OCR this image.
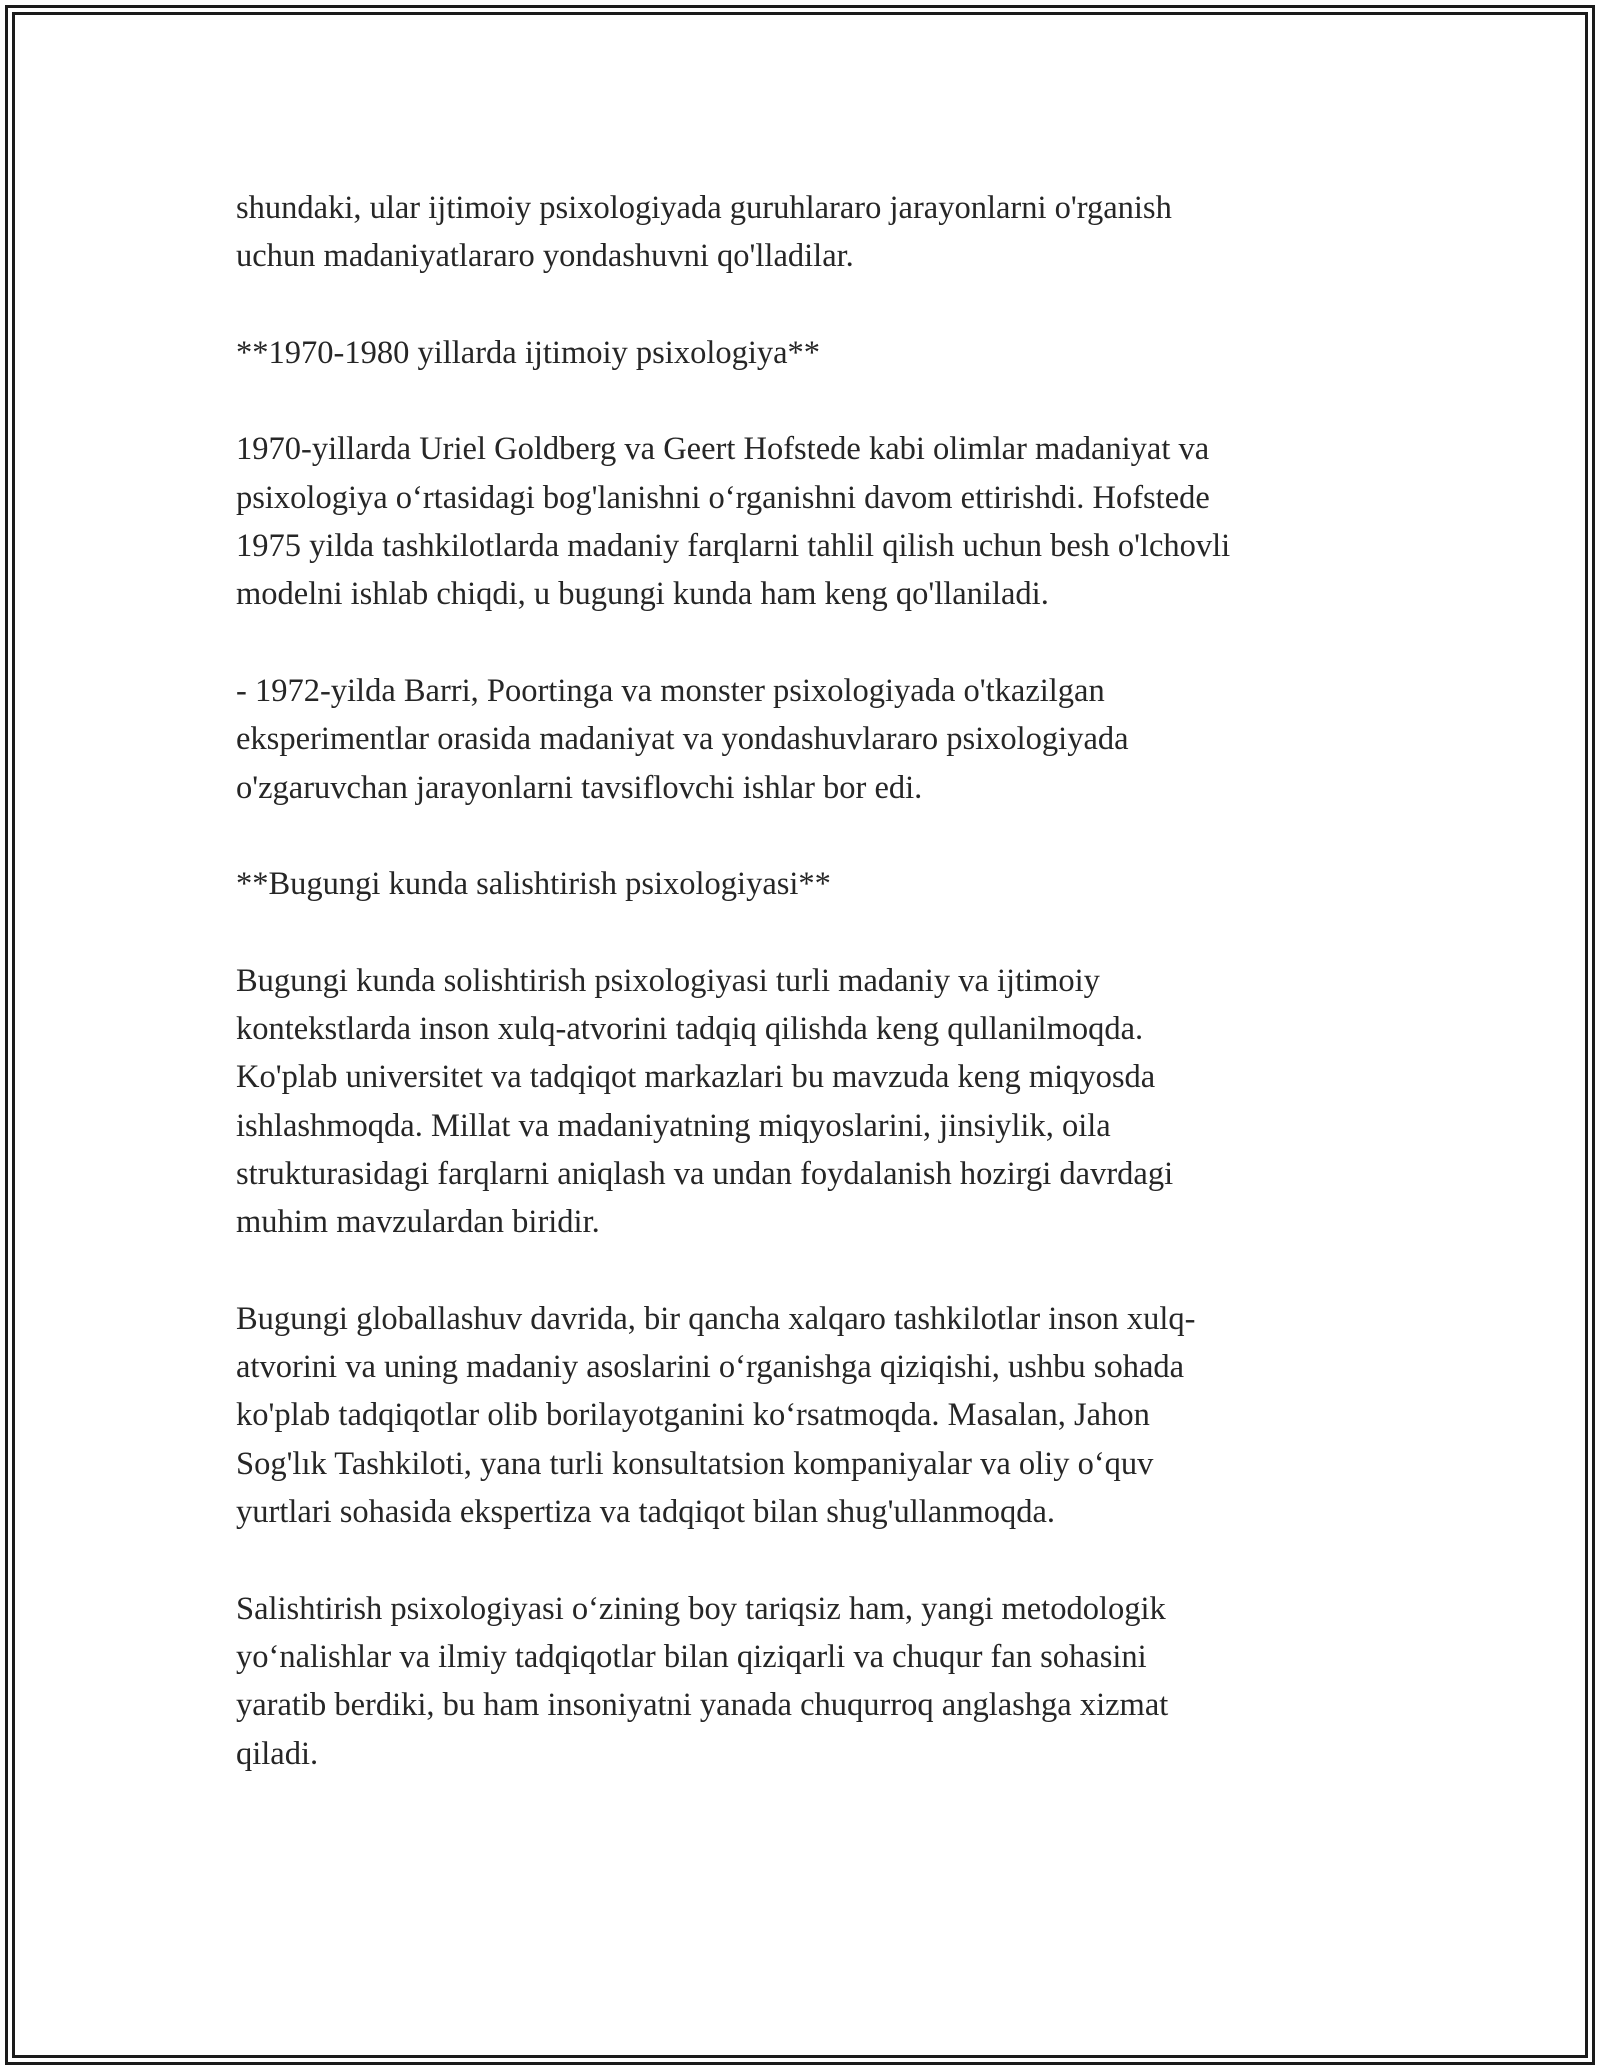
shundaki, ular ijtimoiy psixologiyada guruhlararo jarayonlarni o'rganish
uchun madaniyatlararo yondashuvni qo'lladilar.

**1970-1980 yillarda ijtimoiy psixologiya**

1970-yillarda Uriel Goldberg va Geert Hofstede kabi olimlar madaniyat va
psixologiya o‘rtasidagi bog'lanishni o‘rganishni davom ettirishdi. Hofstede
1975 yilda tashkilotlarda madaniy farqlarni tahlil qilish uchun besh o'lchovli
modelni ishlab chiqdi, u bugungi kunda ham keng qo'llaniladi.

- 1972-yilda Barri, Poortinga va monster psixologiyada o'tkazilgan
eksperimentlar orasida madaniyat va yondashuvlararo psixologiyada
o'zgaruvchan jarayonlarni tavsiflovchi ishlar bor edi.

**Bugungi kunda salishtirish psixologiyasi**

Bugungi kunda solishtirish psixologiyasi turli madaniy va ijtimoiy
kontekstlarda inson xulq-atvorini tadqiq qilishda keng qullanilmoqda.
Ko'plab universitet va tadqiqot markazlari bu mavzuda keng miqyosda
ishlashmoqda. Millat va madaniyatning miqyoslarini, jinsiylik, oila
strukturasidagi farqlarni aniqlash va undan foydalanish hozirgi davrdagi
muhim mavzulardan biridir.

Bugungi globallashuv davrida, bir qancha xalqaro tashkilotlar inson xulq-
atvorini va uning madaniy asoslarini o‘rganishga qiziqishi, ushbu sohada
ko'plab tadqiqotlar olib borilayotganini ko‘rsatmoqda. Masalan, Jahon
Sog'lık Tashkiloti, yana turli konsultatsion kompaniyalar va oliy o‘quv
yurtlari sohasida ekspertiza va tadqiqot bilan shug'ullanmoqda.

Salishtirish psixologiyasi o‘zining boy tariqsiz ham, yangi metodologik
yo‘nalishlar va ilmiy tadqiqotlar bilan qiziqarli va chuqur fan sohasini
yaratib berdiki, bu ham insoniyatni yanada chuqurroq anglashga xizmat
qiladi.
